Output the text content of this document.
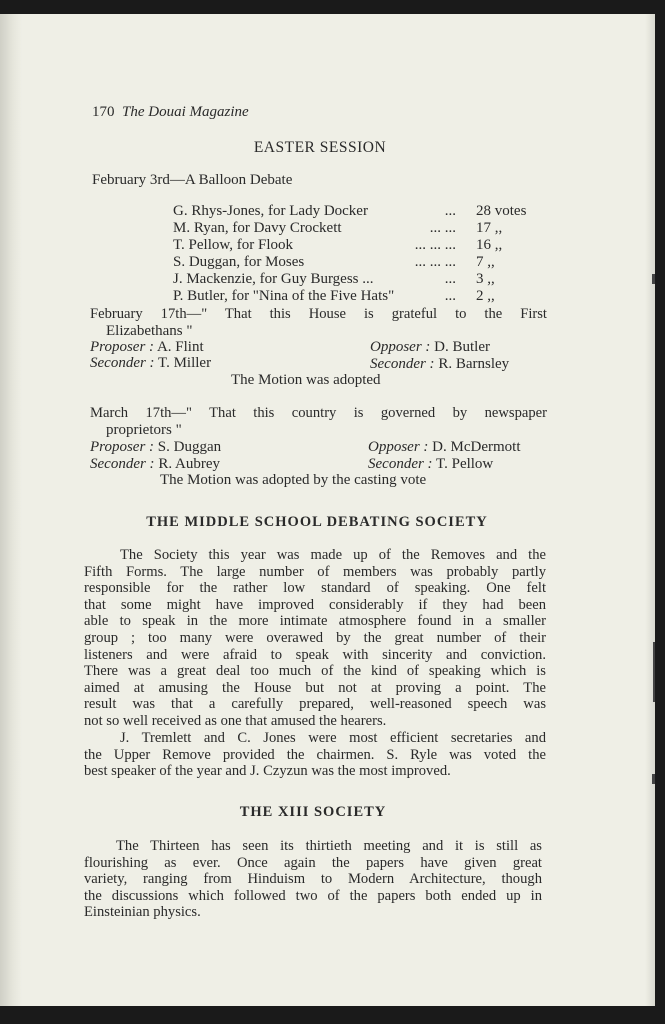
170 The Douai Magazine
EASTER SESSION
February 3rd—A Balloon Debate
G. Rhys-Jones, for Lady Docker	... 28 votes
M. Ryan, for Davy Crockett	... ... 17 ,,
T. Pellow, for Flook	... ... ... 16 ,,
S. Duggan, for Moses	... ... ... 7 ,,
J. Mackenzie, for Guy Burgess ...	... 3 ,,
P. Butler, for "Nina of the Five Hats"	... 2 ,,
February 17th—" That this House is grateful to the First
Elizabethans "
Proposer : A. Flint	Opposer : D. Butler
Seconder : T. Miller	Seconder : R. Barnsley
The Motion was adopted
March 17th—" That this country is governed by newspaper
proprietors "
Proposer : S. Duggan	Opposer : D. McDermott
Seconder : R. Aubrey	Seconder : T. Pellow
The Motion was adopted by the casting vote
THE MIDDLE SCHOOL DEBATING SOCIETY
The Society this year was made up of the Removes and the
Fifth Forms. The large number of members was probably partly
responsible for the rather low standard of speaking. One felt
that some might have improved considerably if they had been
able to speak in the more intimate atmosphere found in a smaller
group ; too many were overawed by the great number of their
listeners and were afraid to speak with sincerity and conviction.
There was a great deal too much of the kind of speaking which is
aimed at amusing the House but not at proving a point. The
result was that a carefully prepared, well-reasoned speech was
not so well received as one that amused the hearers.
J. Tremlett and C. Jones were most efficient secretaries and
the Upper Remove provided the chairmen. S. Ryle was voted the
best speaker of the year and J. Czyzun was the most improved.
THE XIII SOCIETY
The Thirteen has seen its thirtieth meeting and it is still as
flourishing as ever. Once again the papers have given great
variety, ranging from Hinduism to Modern Architecture, though
the discussions which followed two of the papers both ended up in
Einsteinian physics.
